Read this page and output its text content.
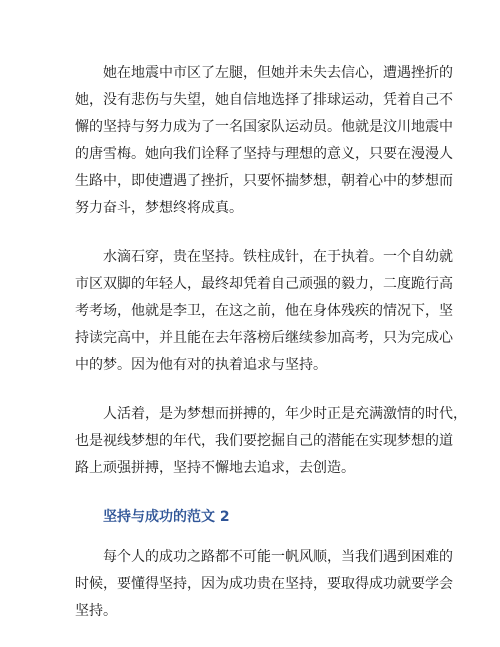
她在地震中市区了左腿，但她并未失去信心，遭遇挫折的
她，没有悲伤与失望，她自信地选择了排球运动，凭着自己不
懈的坚持与努力成为了一名国家队运动员。他就是汶川地震中
的唐雪梅。她向我们诠释了坚持与理想的意义，只要在漫漫人
生路中，即使遭遇了挫折，只要怀揣梦想，朝着心中的梦想而
努力奋斗，梦想终将成真。

水滴石穿，贵在坚持。铁柱成针，在于执着。一个自幼就
市区双脚的年轻人，最终却凭着自己顽强的毅力，二度跪行高
考考场，他就是李卫，在这之前，他在身体残疾的情况下，坚
持读完高中，并且能在去年落榜后继续参加高考，只为完成心
中的梦。因为他有对的执着追求与坚持。

人活着，是为梦想而拼搏的，年少时正是充满激情的时代，
也是视线梦想的年代，我们要挖掘自己的潜能在实现梦想的道
路上顽强拼搏，坚持不懈地去追求，去创造。

坚持与成功的范文 2

每个人的成功之路都不可能一帆风顺，当我们遇到困难的
时候，要懂得坚持，因为成功贵在坚持，要取得成功就要学会
坚持。
